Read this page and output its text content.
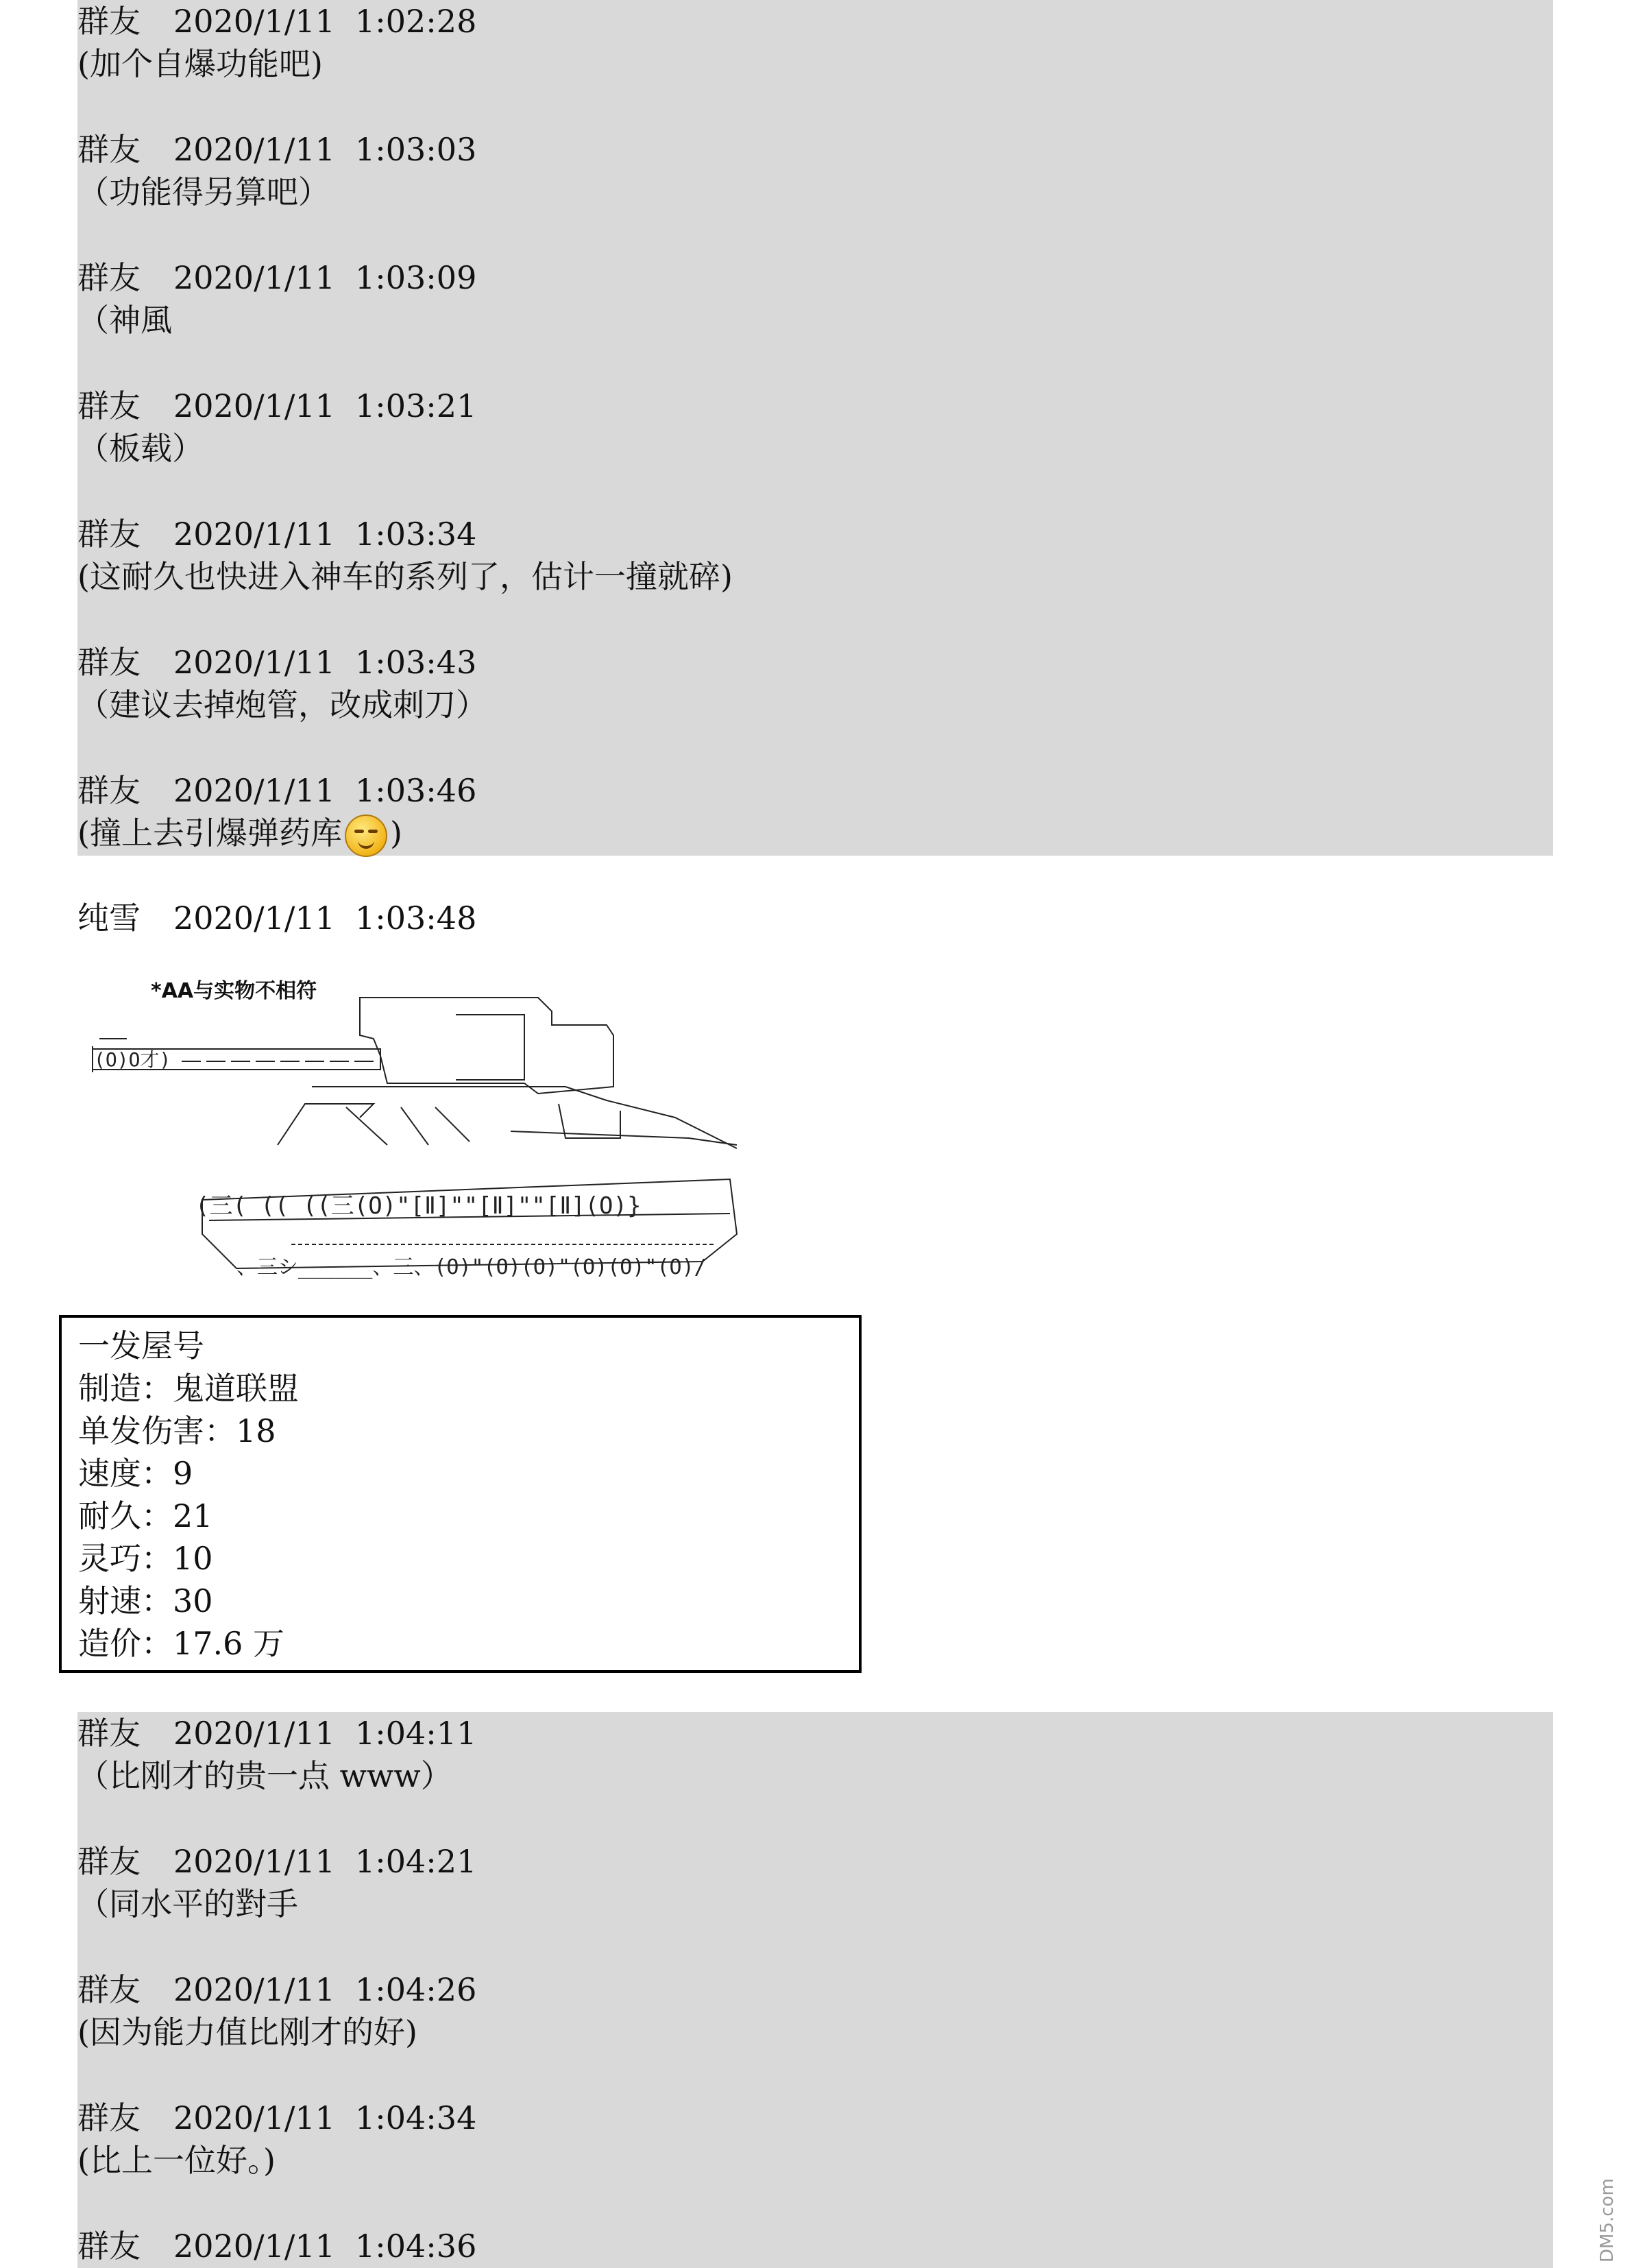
群友 2020/1/11 1:02:28
(加个自爆功能吧)
群友 2020/1/11 1:03:03
（功能得另算吧）
群友 2020/1/11 1:03:09
（神風
群友 2020/1/11 1:03:21
（板载）
群友 2020/1/11 1:03:34
(这耐久也快进入神车的系列了，估计一撞就碎)
群友 2020/1/11 1:03:43
（建议去掉炮管，改成刺刀）
群友 2020/1/11 1:03:46
(撞上去引爆弹药库 )
纯雪 2020/1/11 1:03:48
*AA与实物不相符
(O)O才)
(三( (( ((三(O)"[Ⅱ]""[Ⅱ]""[Ⅱ](O)}
、三シ______、三、(O)"(O)(O)"(O)(O)"(O)/
一发屋号
制造：鬼道联盟
单发伤害：18
速度：9
耐久：21
灵巧：10
射速：30
造价：17.6 万
群友 2020/1/11 1:04:11
（比刚才的贵一点 www）
群友 2020/1/11 1:04:21
（同水平的對手
群友 2020/1/11 1:04:26
(因为能力值比刚才的好)
群友 2020/1/11 1:04:34
(比上一位好。)
群友 2020/1/11 1:04:36	DM5.com
